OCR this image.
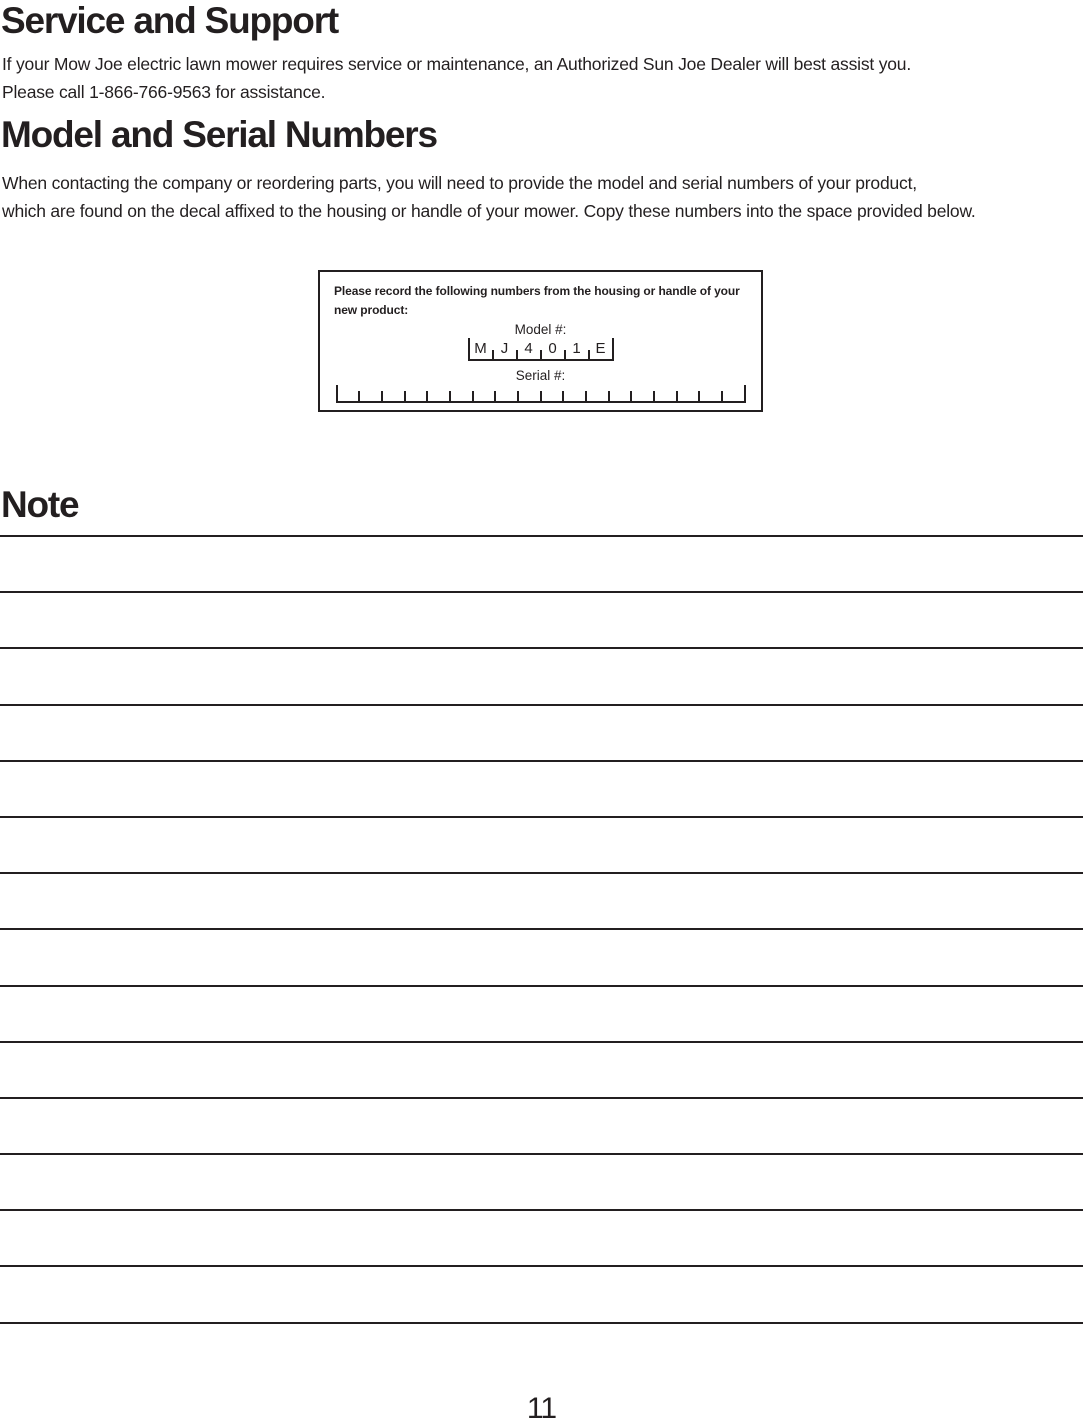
Service and Support
If your Mow Joe electric lawn mower requires service or maintenance, an Authorized Sun Joe Dealer will best assist you.
Please call 1-866-766-9563 for assistance.
Model and Serial Numbers
When contacting the company or reordering parts, you will need to provide the model and serial numbers of your product,
which are found on the decal affixed to the housing or handle of your mower. Copy these numbers into the space provided below.
Please record the following numbers from the housing or handle of your
new product:
Model #:
M J	4	0	1 E
Serial #:
Note
11
